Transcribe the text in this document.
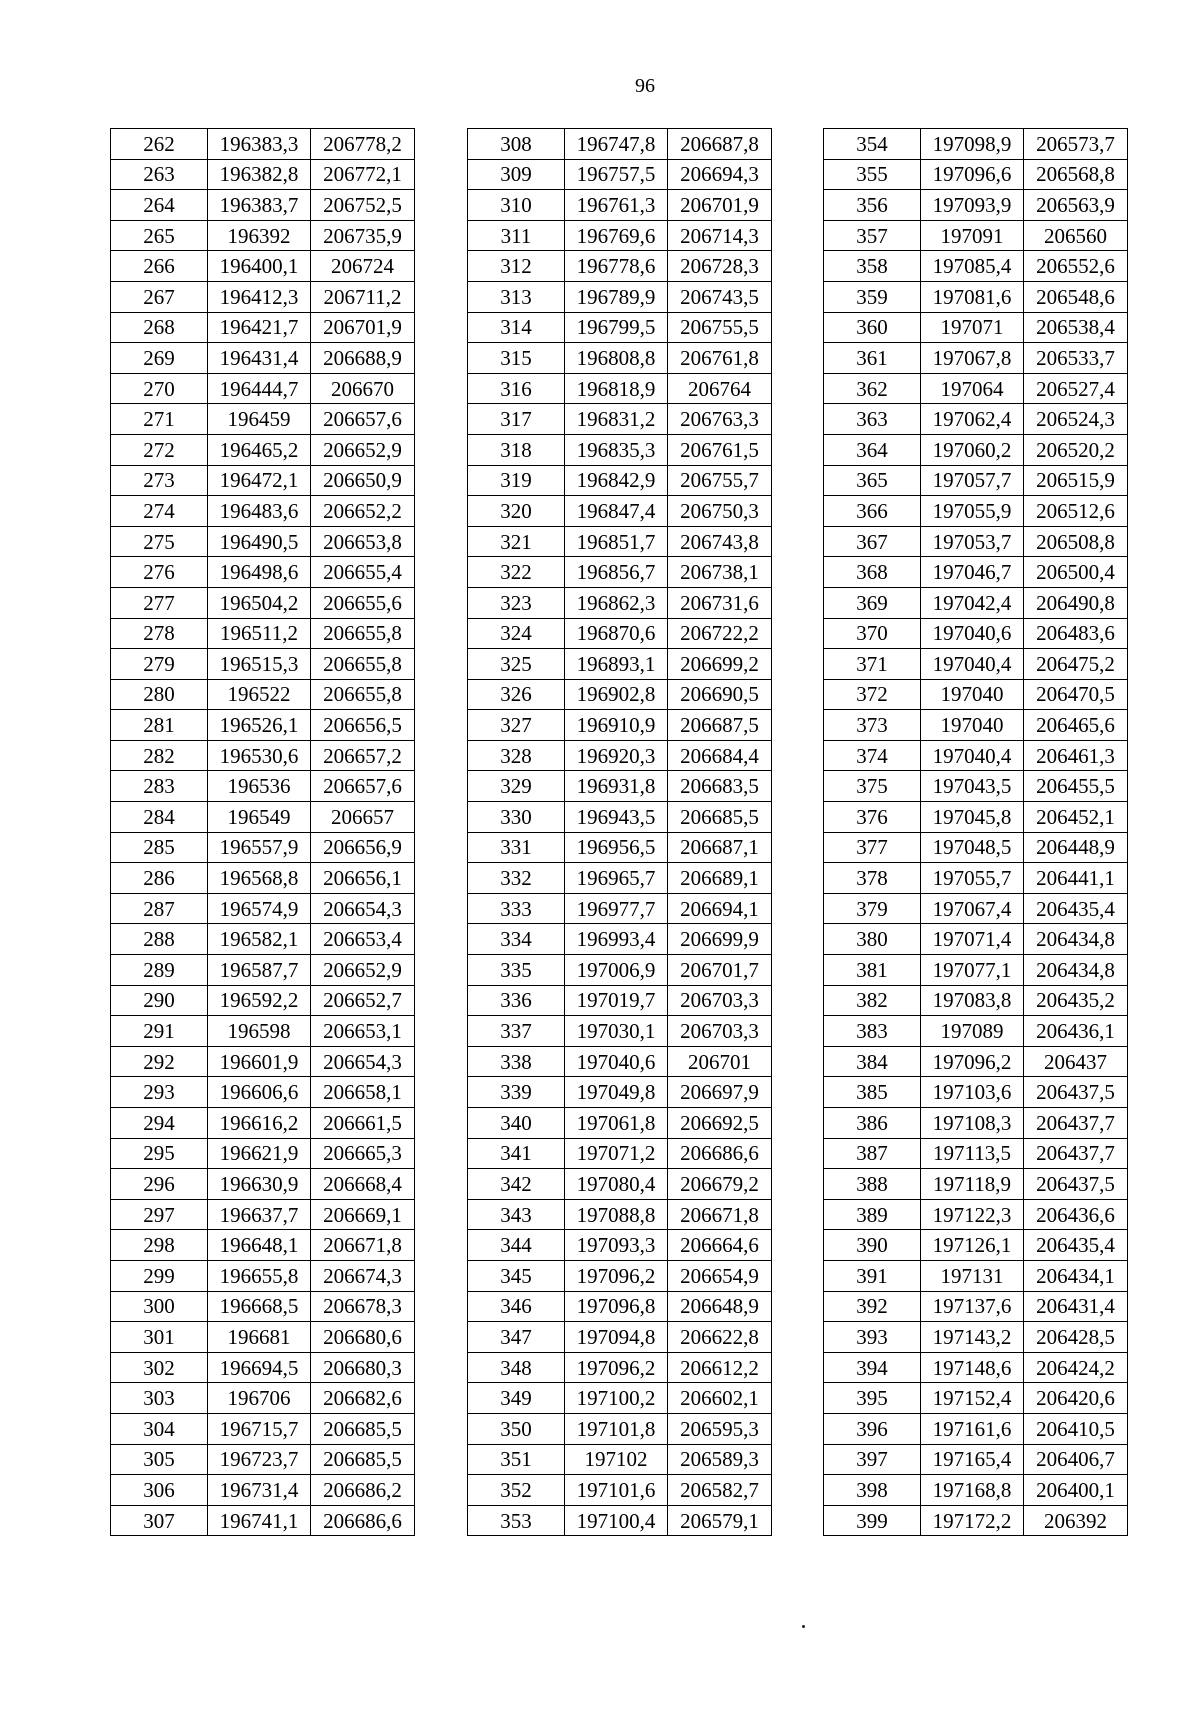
96
262	196383,3	206778,2
263	196382,8	206772,1
264	196383,7	206752,5
265	196392	206735,9
266	196400,1	206724
267	196412,3	206711,2
268	196421,7	206701,9
269	196431,4	206688,9
270	196444,7	206670
271	196459	206657,6
272	196465,2	206652,9
273	196472,1	206650,9
274	196483,6	206652,2
275	196490,5	206653,8
276	196498,6	206655,4
277	196504,2	206655,6
278	196511,2	206655,8
279	196515,3	206655,8
280	196522	206655,8
281	196526,1	206656,5
282	196530,6	206657,2
283	196536	206657,6
284	196549	206657
285	196557,9	206656,9
286	196568,8	206656,1
287	196574,9	206654,3
288	196582,1	206653,4
289	196587,7	206652,9
290	196592,2	206652,7
291	196598	206653,1
292	196601,9	206654,3
293	196606,6	206658,1
294	196616,2	206661,5
295	196621,9	206665,3
296	196630,9	206668,4
297	196637,7	206669,1
298	196648,1	206671,8
299	196655,8	206674,3
300	196668,5	206678,3
301	196681	206680,6
302	196694,5	206680,3
303	196706	206682,6
304	196715,7	206685,5
305	196723,7	206685,5
306	196731,4	206686,2
307	196741,1	206686,6
308	196747,8	206687,8
309	196757,5	206694,3
310	196761,3	206701,9
311	196769,6	206714,3
312	196778,6	206728,3
313	196789,9	206743,5
314	196799,5	206755,5
315	196808,8	206761,8
316	196818,9	206764
317	196831,2	206763,3
318	196835,3	206761,5
319	196842,9	206755,7
320	196847,4	206750,3
321	196851,7	206743,8
322	196856,7	206738,1
323	196862,3	206731,6
324	196870,6	206722,2
325	196893,1	206699,2
326	196902,8	206690,5
327	196910,9	206687,5
328	196920,3	206684,4
329	196931,8	206683,5
330	196943,5	206685,5
331	196956,5	206687,1
332	196965,7	206689,1
333	196977,7	206694,1
334	196993,4	206699,9
335	197006,9	206701,7
336	197019,7	206703,3
337	197030,1	206703,3
338	197040,6	206701
339	197049,8	206697,9
340	197061,8	206692,5
341	197071,2	206686,6
342	197080,4	206679,2
343	197088,8	206671,8
344	197093,3	206664,6
345	197096,2	206654,9
346	197096,8	206648,9
347	197094,8	206622,8
348	197096,2	206612,2
349	197100,2	206602,1
350	197101,8	206595,3
351	197102	206589,3
352	197101,6	206582,7
353	197100,4	206579,1
354	197098,9	206573,7
355	197096,6	206568,8
356	197093,9	206563,9
357	197091	206560
358	197085,4	206552,6
359	197081,6	206548,6
360	197071	206538,4
361	197067,8	206533,7
362	197064	206527,4
363	197062,4	206524,3
364	197060,2	206520,2
365	197057,7	206515,9
366	197055,9	206512,6
367	197053,7	206508,8
368	197046,7	206500,4
369	197042,4	206490,8
370	197040,6	206483,6
371	197040,4	206475,2
372	197040	206470,5
373	197040	206465,6
374	197040,4	206461,3
375	197043,5	206455,5
376	197045,8	206452,1
377	197048,5	206448,9
378	197055,7	206441,1
379	197067,4	206435,4
380	197071,4	206434,8
381	197077,1	206434,8
382	197083,8	206435,2
383	197089	206436,1
384	197096,2	206437
385	197103,6	206437,5
386	197108,3	206437,7
387	197113,5	206437,7
388	197118,9	206437,5
389	197122,3	206436,6
390	197126,1	206435,4
391	197131	206434,1
392	197137,6	206431,4
393	197143,2	206428,5
394	197148,6	206424,2
395	197152,4	206420,6
396	197161,6	206410,5
397	197165,4	206406,7
398	197168,8	206400,1
399	197172,2	206392
